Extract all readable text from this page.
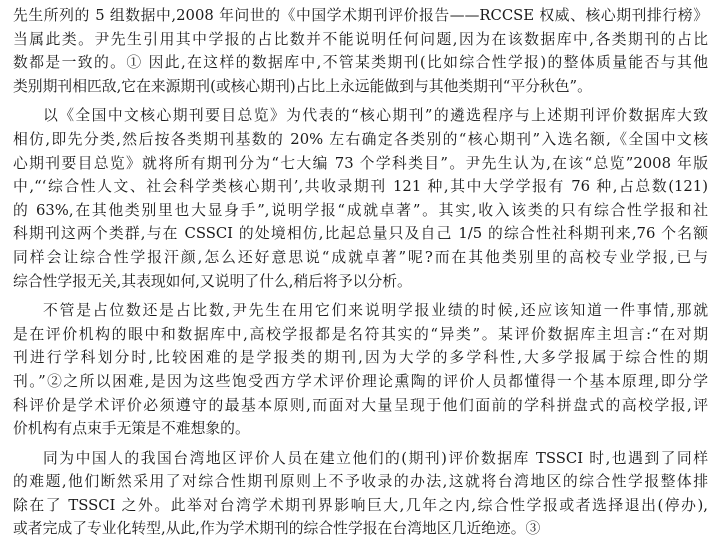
先生所列的 5 组数据中,2008 年问世的《中国学术期刊评价报告——RCCSE 权威、核心期刊排行榜》
当属此类。尹先生引用其中学报的占比数并不能说明任何问题,因为在该数据库中,各类期刊的占比
数都是一致的。① 因此,在这样的数据库中,不管某类期刊(比如综合性学报)的整体质量能否与其他
类别期刊相匹敌,它在来源期刊(或核心期刊)占比上永远能做到与其他类期刊“平分秋色”。
以《全国中文核心期刊要目总览》为代表的“核心期刊”的遴选程序与上述期刊评价数据库大致
相仿,即先分类,然后按各类期刊基数的 20% 左右确定各类别的“核心期刊”入选名额,《全国中文核
心期刊要目总览》就将所有期刊分为“七大编 73 个学科类目”。尹先生认为,在该“总览”2008 年版
中,“‘综合性人文、社会科学类核心期刊’,共收录期刊 121 种,其中大学学报有 76 种,占总数(121)
的 63%,在其他类别里也大显身手”,说明学报“成就卓著”。其实,收入该类的只有综合性学报和社
科期刊这两个类群,与在 CSSCI 的处境相仿,比起总量只及自己 1/5 的综合性社科期刊来,76 个名额
同样会让综合性学报汗颜,怎么还好意思说“成就卓著”呢?而在其他类别里的高校专业学报,已与
综合性学报无关,其表现如何,又说明了什么,稍后将予以分析。
不管是占位数还是占比数,尹先生在用它们来说明学报业绩的时候,还应该知道一件事情,那就
是在评价机构的眼中和数据库中,高校学报都是名符其实的“异类”。某评价数据库主坦言:“在对期
刊进行学科划分时,比较困难的是学报类的期刊,因为大学的多学科性,大多学报属于综合性的期
刊。”②之所以困难,是因为这些饱受西方学术评价理论熏陶的评价人员都懂得一个基本原理,即分学
科评价是学术评价必须遵守的最基本原则,而面对大量呈现于他们面前的学科拼盘式的高校学报,评
价机构有点束手无策是不难想象的。
同为中国人的我国台湾地区评价人员在建立他们的(期刊)评价数据库 TSSCI 时,也遇到了同样
的难题,他们断然采用了对综合性期刊原则上不予收录的办法,这就将台湾地区的综合性学报整体排
除在了 TSSCI 之外。此举对台湾学术期刊界影响巨大,几年之内,综合性学报或者选择退出(停办),
或者完成了专业化转型,从此,作为学术期刊的综合性学报在台湾地区几近绝迹。③
